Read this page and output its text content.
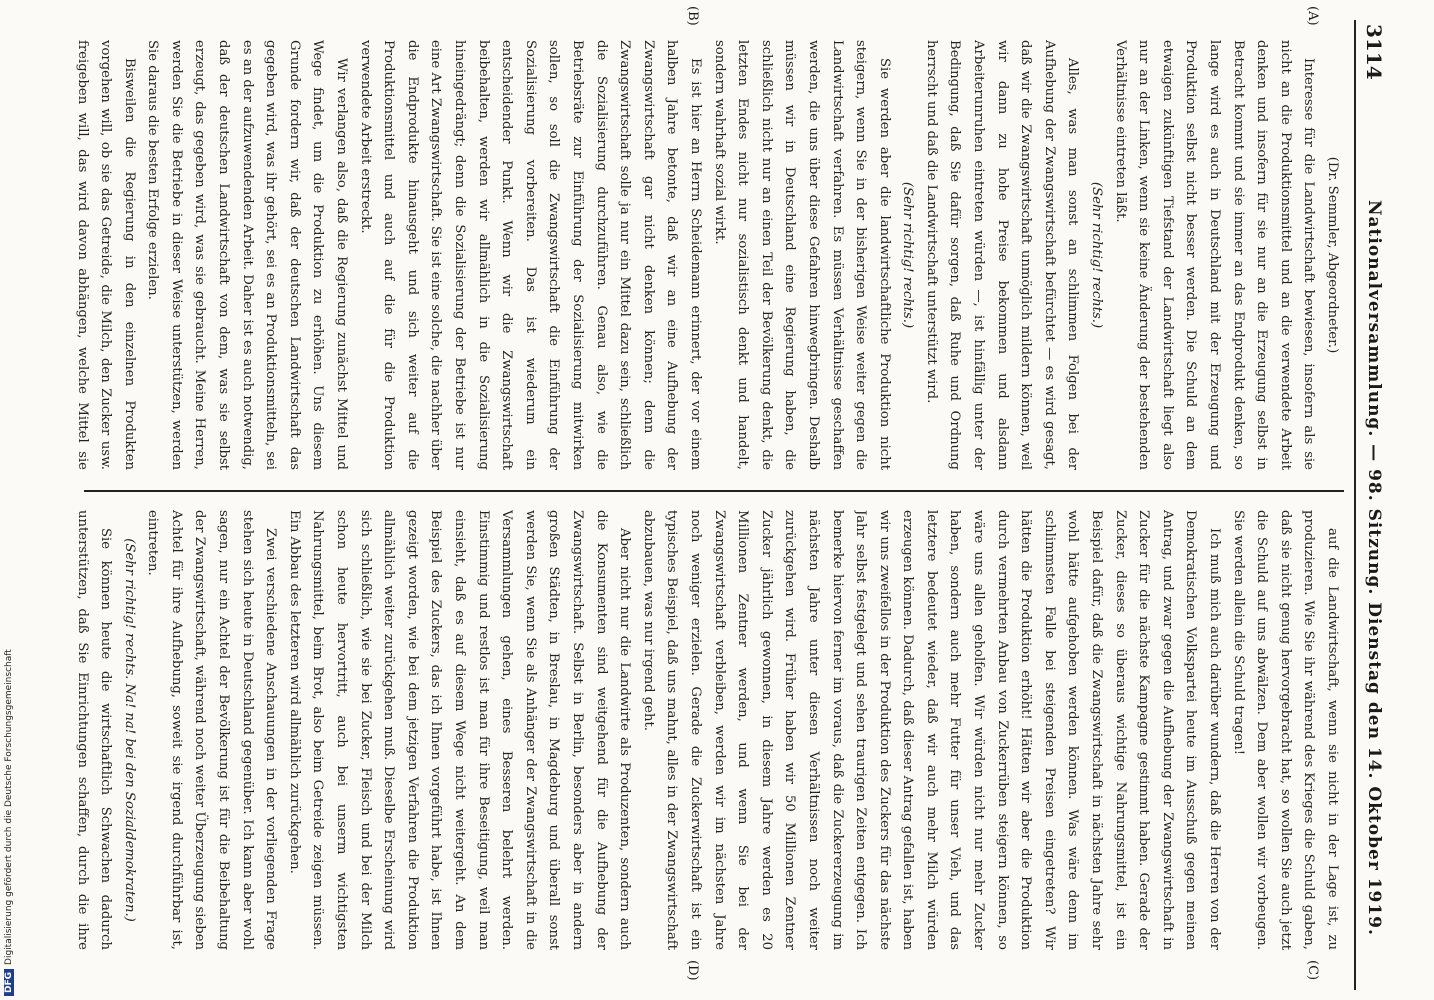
3114
Nationalversammlung. — 98. Sitzung. Dienstag den 14. Oktober 1919.
(A)
(B)
(C)
(D)

(Dr. Semmler, Abgeordneter.)

Interesse für die Landwirtschaft bewiesen, insofern als sie nicht an die Produktionsmittel und an die verwendete Arbeit denken und insofern für sie nur an die Erzeugung selbst in Betracht kommt und sie immer an das Endprodukt denken, so lange wird es auch in Deutschland mit der Erzeugung und Produktion selbst nicht besser werden. Die Schuld an dem etwaigen zukünftigen Tiefstand der Landwirtschaft liegt also nur an der Linken, wenn sie keine Änderung der bestehenden Verhältnisse eintreten läßt.

(Sehr richtig! rechts.)

Alles, was man sonst an schlimmen Folgen bei der Aufhebung der Zwangswirtschaft befürchtet — es wird gesagt, daß wir die Zwangswirtschaft unmöglich mildern können, weil wir dann zu hohe Preise bekommen und alsdann Arbeiterunruhen eintreten würden —, ist hinfällig unter der Bedingung, daß Sie dafür sorgen, daß Ruhe und Ordnung herrscht und daß die Landwirtschaft unterstützt wird.

(Sehr richtig! rechts.)

Sie werden aber die landwirtschaftliche Produktion nicht steigern, wenn Sie in der bisherigen Weise weiter gegen die Landwirtschaft verfahren. Es müssen Verhältnisse geschaffen werden, die uns über diese Gefahren hinwegbringen. Deshalb müssen wir in Deutschland eine Regierung haben, die schließlich nicht nur an einen Teil der Bevölkerung denkt, die letzten Endes nicht nur sozialistisch denkt und handelt, sondern wahrhaft sozial wirkt.

Es ist hier an Herrn Scheidemann erinnert, der vor einem halben Jahre betonte, daß wir an eine Aufhebung der Zwangswirtschaft gar nicht denken können; denn die Zwangswirtschaft solle ja nur ein Mittel dazu sein, schließlich die Sozialisierung durchzuführen. Genau also, wie die Betriebsräte zur Einführung der Sozialisierung mitwirken sollen, so soll die Zwangswirtschaft die Einführung der Sozialisierung vorbereiten. Das ist wiederum ein entscheidender Punkt. Wenn wir die Zwangswirtschaft beibehalten, werden wir allmählich in die Sozialisierung hineingedrängt; denn die Sozialisierung der Betriebe ist nur eine Art Zwangswirtschaft. Sie ist eine solche, die nachher über die Endprodukte hinausgeht und sich weiter auf die Produktionsmittel und auch auf die für die Produktion verwendete Arbeit erstreckt.

Wir verlangen also, daß die Regierung zunächst Mittel und Wege findet, um die Produktion zu erhöhen. Uns diesem Grunde fordern wir, daß der deutschen Landwirtschaft das gegeben wird, was ihr gehört, sei es an Produktionsmitteln, sei es an der aufzuwendenden Arbeit. Daher ist es auch notwendig, daß der deutschen Landwirtschaft von dem, was sie selbst erzeugt, das gegeben wird, was sie gebraucht. Meine Herren, werden Sie die Betriebe in dieser Weise unterstützen, werden Sie daraus die besten Erfolge erzielen.

Bisweilen die Regierung in den einzelnen Produkten vorgehen will, ob sie das Getreide, die Milch, den Zucker usw. freigeben will, das wird davon abhängen, welche Mittel sie

auf die Landwirtschaft, wenn sie nicht in der Lage ist, zu produzieren. Wie Sie ihr während des Krieges die Schuld gaben, daß sie nicht genug hervorgebracht hat, so wollen Sie auch jetzt die Schuld auf uns abwälzen. Dem aber wollen wir vorbeugen. Sie werden allein die Schuld tragen!

Ich muß mich auch darüber wundern, daß die Herren von der Demokratischen Volkspartei heute im Ausschuß gegen meinen Antrag, und zwar gegen die Aufhebung der Zwangswirtschaft in Zucker für die nächste Kampagne gestimmt haben. Gerade der Zucker, dieses so überaus wichtige Nahrungsmittel, ist ein Beispiel dafür, daß die Zwangswirtschaft in nächsten Jahre sehr wohl hätte aufgehoben werden können. Was wäre denn im schlimmsten Falle bei steigenden Preisen eingetreten? Wir hätten die Produktion erhöht! Hätten wir aber die Produktion durch vermehrten Anbau von Zuckerrüben steigern können, so wäre uns allen geholfen. Wir würden nicht nur mehr Zucker haben, sondern auch mehr Futter für unser Vieh, und das letztere bedeutet wieder, daß wir auch mehr Milch würden erzeugen können. Dadurch, daß dieser Antrag gefallen ist, haben wir uns zweifellos in der Produktion des Zuckers für das nächste Jahr selbst festgelegt und sehen traurigen Zeiten entgegen. Ich bemerke hiervon ferner im voraus, daß die Zuckererzeugung im nächsten Jahre unter diesen Verhältnissen noch weiter zurückgehen wird. Früher haben wir 50 Millionen Zentner Zucker jährlich gewonnen, in diesem Jahre werden es 20 Millionen Zentner werden, und wenn Sie bei der Zwangswirtschaft verbleiben, werden wir im nächsten Jahre noch weniger erzielen. Gerade die Zuckerwirtschaft ist ein typisches Beispiel, daß uns mahnt, alles in der Zwangswirtschaft abzubauen, was nur irgend geht.

Aber nicht nur die Landwirte als Produzenten, sondern auch die Konsumenten sind weitgehend für die Aufhebung der Zwangswirtschaft. Selbst in Berlin, besonders aber in andern großen Städten, in Breslau, in Magdeburg und überall sonst werden Sie, wenn Sie als Anhänger der Zwangswirtschaft in die Versammlungen gehen, eines Besseren belehrt werden. Einstimmig und restlos ist man für ihre Beseitigung, weil man einsieht, daß es auf diesem Wege nicht weitergeht. An dem Beispiel des Zuckers, das ich Ihnen vorgeführt habe, ist Ihnen gezeigt worden, wie bei dem jetzigen Verfahren die Produktion allmählich weiter zurückgehen muß. Dieselbe Erscheinung wird sich schließlich, wie sie bei Zucker, Fleisch und bei der Milch schon heute hervortritt, auch bei unserm wichtigsten Nahrungsmittel, beim Brot, also beim Getreide zeigen müssen. Ein Abbau des letzteren wird allmählich zurückgehen.

Zwei verschiedene Anschauungen in der vorliegenden Frage stehen sich heute in Deutschland gegenüber. Ich kann aber wohl sagen, nur ein Achtel der Bevölkerung ist für die Beibehaltung der Zwangswirtschaft, während noch weiter Überzeugung sieben Achtel für ihre Aufhebung, soweit sie irgend durchführbar ist, eintreten.

(Sehr richtig! rechts. Na! na! bei den Sozialdemokraten.)

Sie können heute die wirtschaftlich Schwachen dadurch unterstützen, daß Sie Einrichtungen schaffen, durch die ihre

DFGDigitalisierung gefördert durch die Deutsche Forschungsgemeinschaft
